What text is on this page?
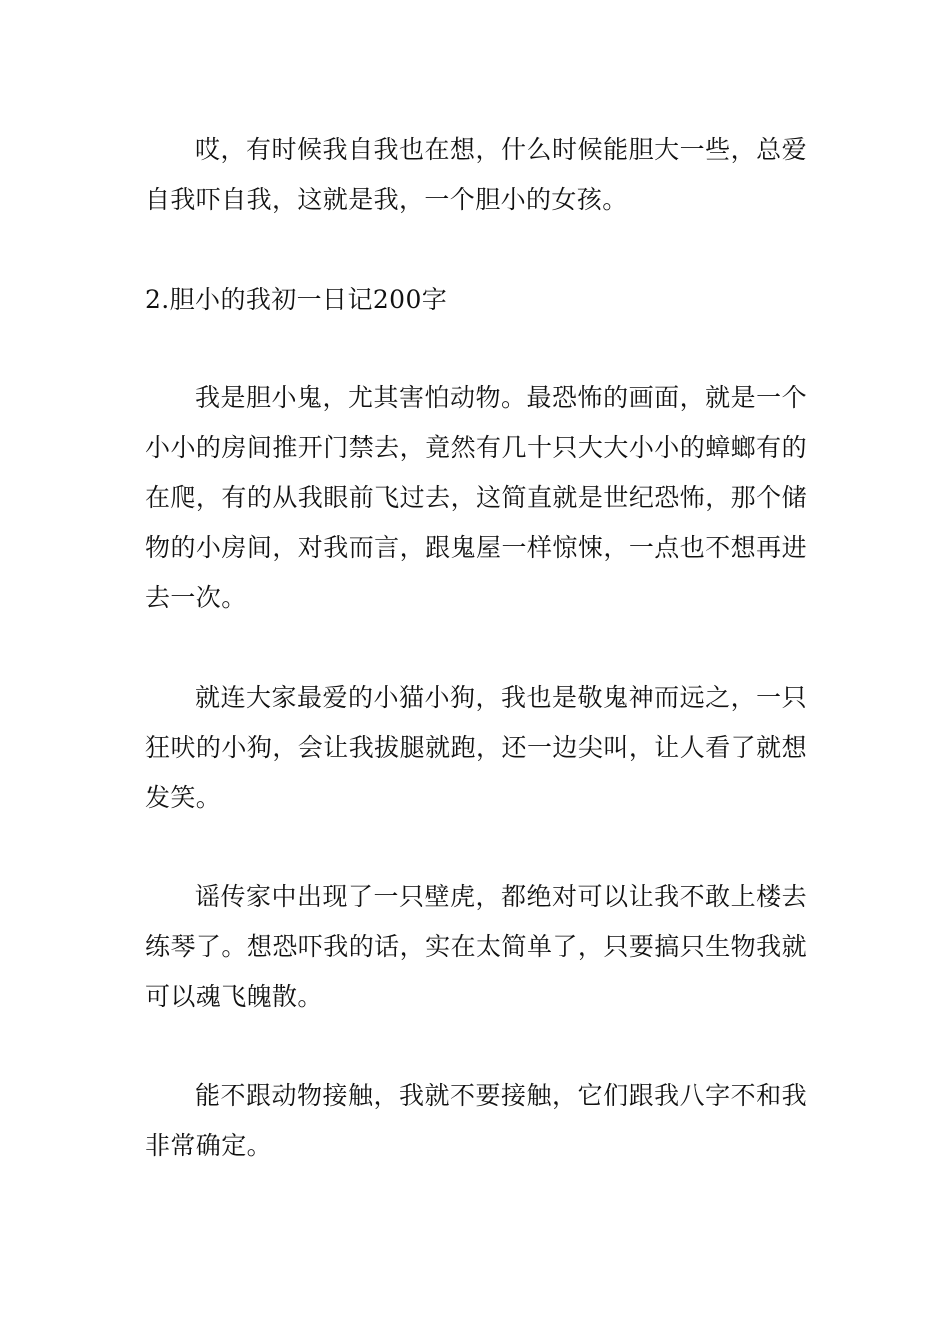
哎，有时候我自我也在想，什么时候能胆大一些，总爱自我吓自我，这就是我，一个胆小的女孩。

2.胆小的我初一日记200字

我是胆小鬼，尤其害怕动物。最恐怖的画面，就是一个小小的房间推开门禁去，竟然有几十只大大小小的蟑螂有的在爬，有的从我眼前飞过去，这简直就是世纪恐怖，那个储物的小房间，对我而言，跟鬼屋一样惊悚，一点也不想再进去一次。

就连大家最爱的小猫小狗，我也是敬鬼神而远之，一只狂吠的小狗，会让我拔腿就跑，还一边尖叫，让人看了就想发笑。

谣传家中出现了一只壁虎，都绝对可以让我不敢上楼去练琴了。想恐吓我的话，实在太简单了，只要搞只生物我就可以魂飞魄散。

能不跟动物接触，我就不要接触，它们跟我八字不和我非常确定。
